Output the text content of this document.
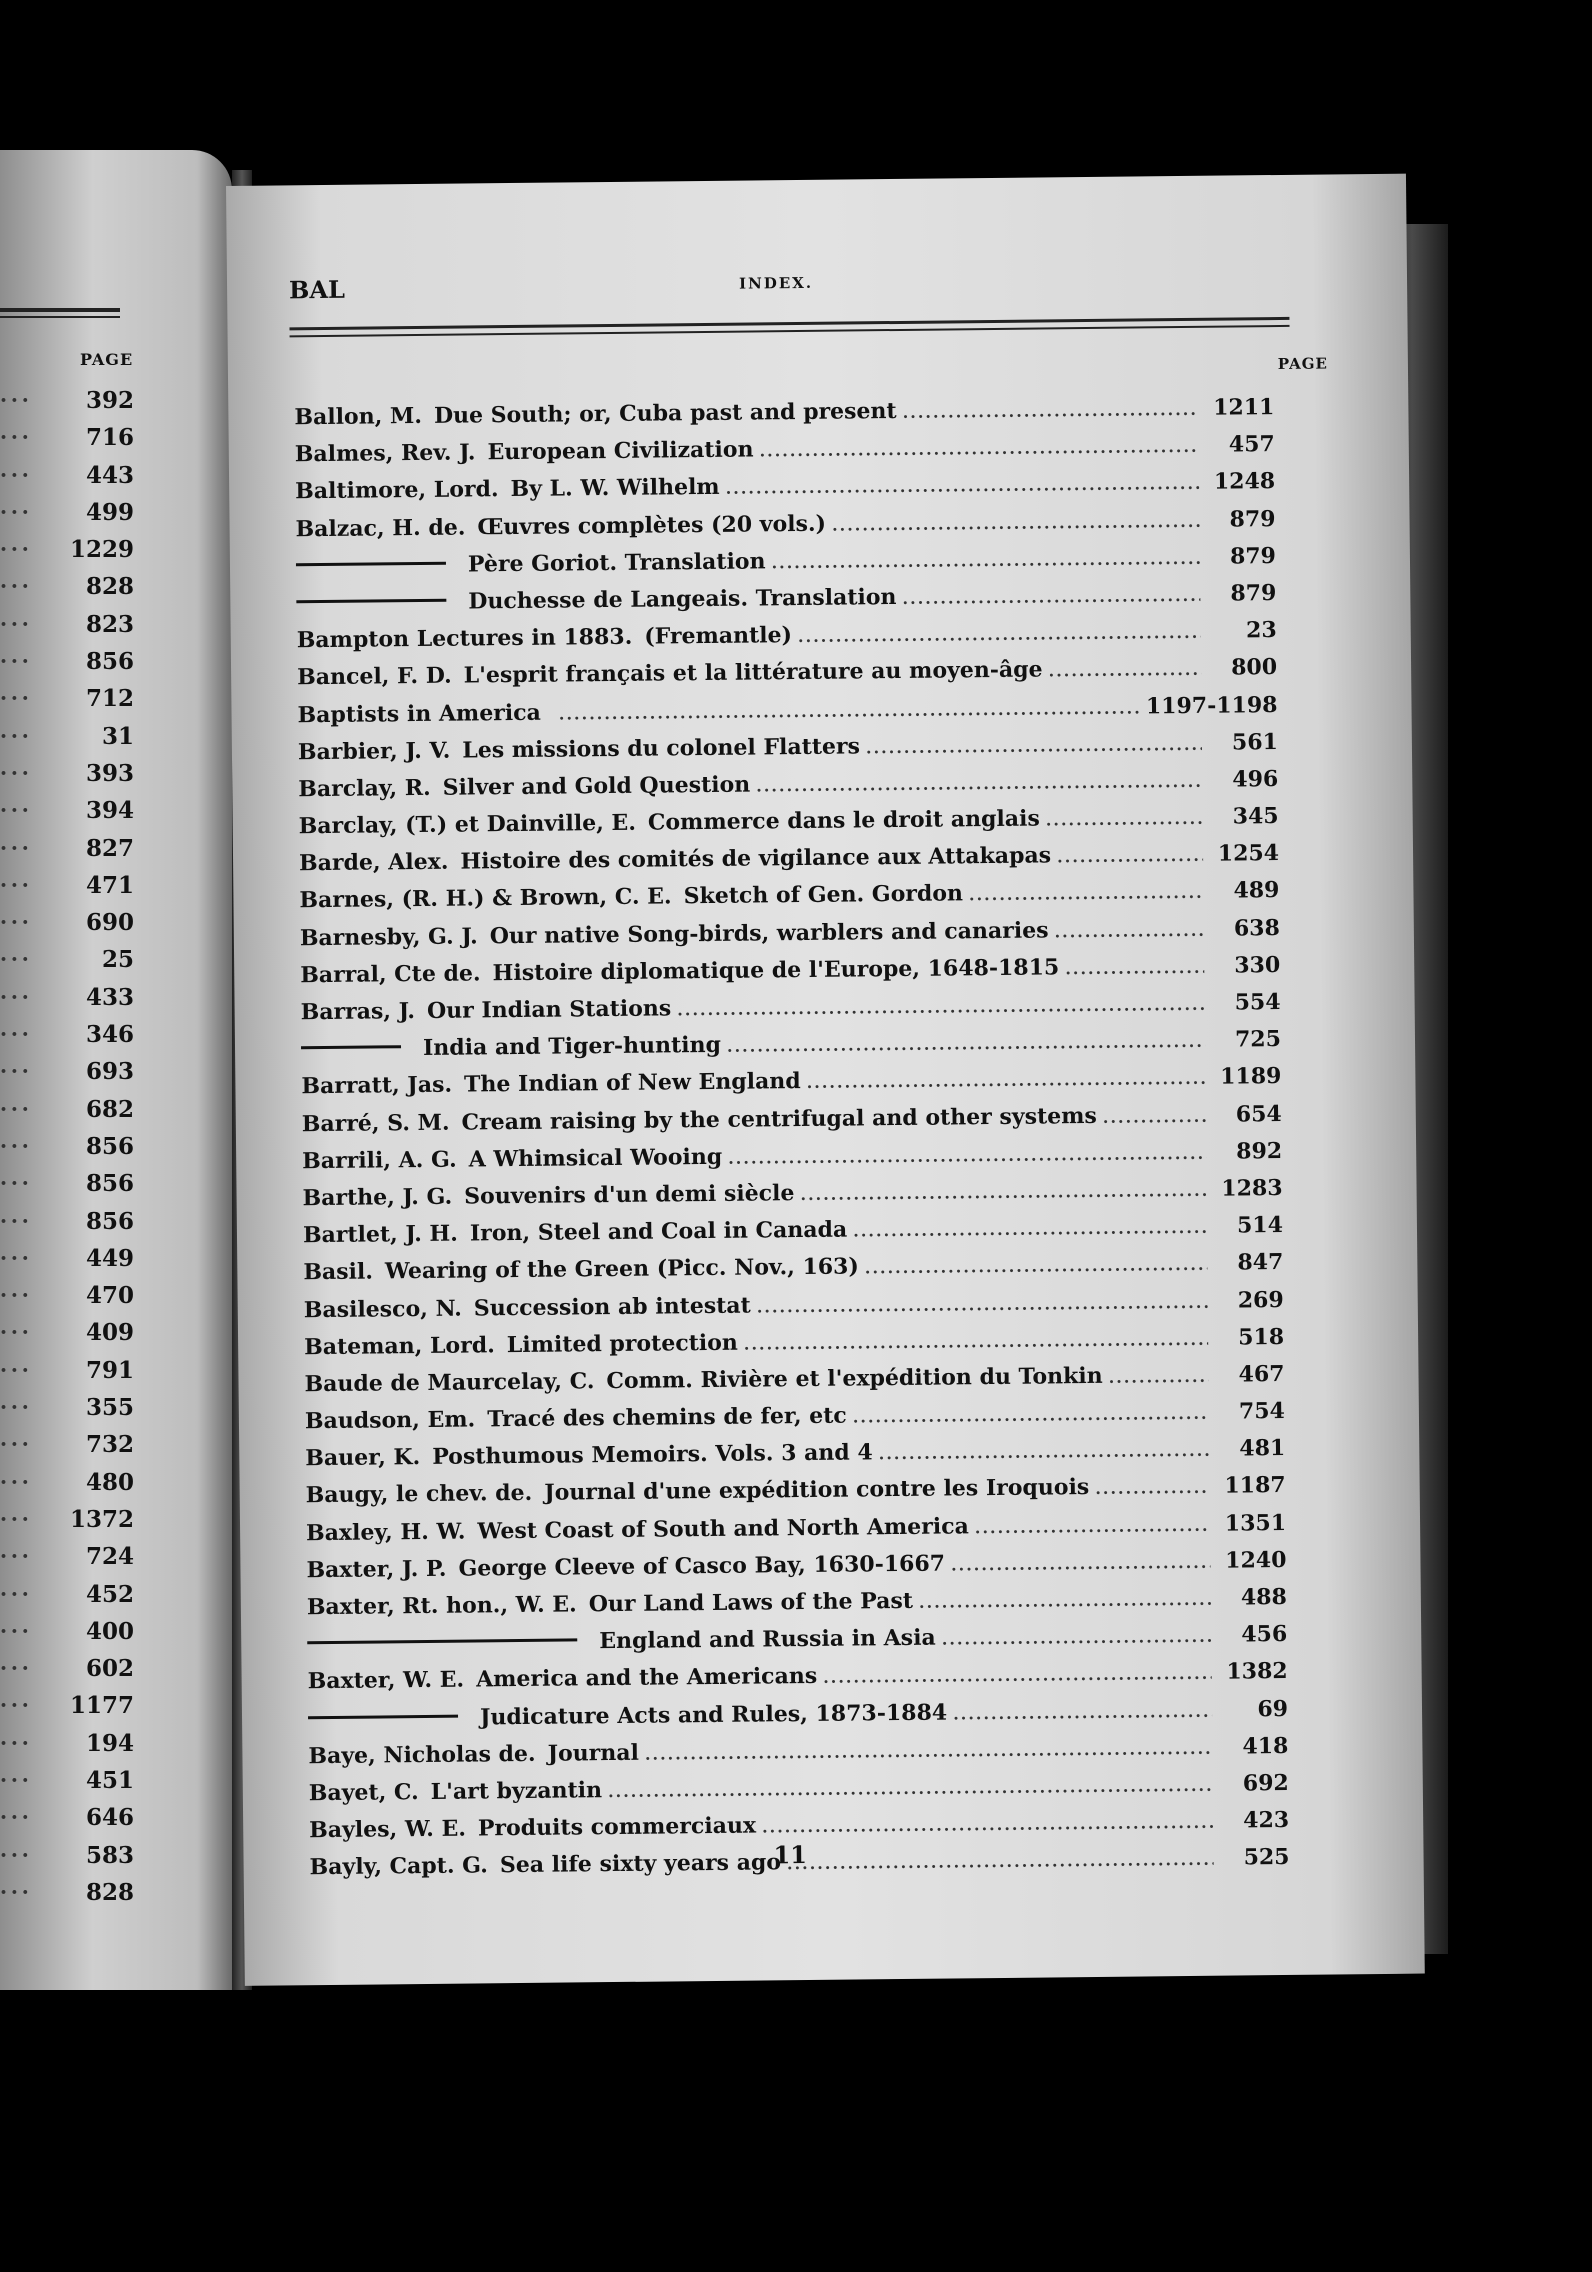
PAGE
• • • 392
• • • 716
• • • 443
• • • 499
• • • 1229
• • • 828
• • • 823
• • • 856
• • • 712
• • • 31
• • • 393
• • • 394
• • • 827
• • • 471
• • • 690
• • • 25
• • • 433
• • • 346
• • • 693
• • • 682
• • • 856
• • • 856
• • • 856
• • • 449
• • • 470
• • • 409
• • • 791
• • • 355
• • • 732
• • • 480
• • • 1372
• • • 724
• • • 452
• • • 400
• • • 602
• • • 1177
• • • 194
• • • 451
• • • 646
• • • 583
• • • 828
BAL	INDEX.
PAGE
Ballon, M. Due South; or, Cuba past and present .....	1211
Balmes, Rev. J. European Civilization .....	457
Baltimore, Lord. By L. W. Wilhelm .....	1248
Balzac, H. de. Œuvres complètes (20 vols.) .....	879
Père Goriot. Translation .....	879
Duchesse de Langeais. Translation .....	879
Bampton Lectures in 1883. (Fremantle) .....	23
Bancel, F. D. L'esprit français et la littérature au moyen-âge .....	800
Baptists in America .....	1197-1198
Barbier, J. V. Les missions du colonel Flatters .....	561
Barclay, R. Silver and Gold Question .....	496
Barclay, (T.) et Dainville, E. Commerce dans le droit anglais .....	345
Barde, Alex. Histoire des comités de vigilance aux Attakapas .....	1254
Barnes, (R. H.) & Brown, C. E. Sketch of Gen. Gordon .....	489
Barnesby, G. J. Our native Song-birds, warblers and canaries .....	638
Barral, Cte de. Histoire diplomatique de l'Europe, 1648-1815 .....	330
Barras, J. Our Indian Stations .....	554
India and Tiger-hunting .....	725
Barratt, Jas. The Indian of New England .....	1189
Barré, S. M. Cream raising by the centrifugal and other systems .....	654
Barrili, A. G. A Whimsical Wooing .....	892
Barthe, J. G. Souvenirs d'un demi siècle .....	1283
Bartlet, J. H. Iron, Steel and Coal in Canada .....	514
Basil. Wearing of the Green (Picc. Nov., 163) .....	847
Basilesco, N. Succession ab intestat .....	269
Bateman, Lord. Limited protection .....	518
Baude de Maurcelay, C. Comm. Rivière et l'expédition du Tonkin .....	467
Baudson, Em. Tracé des chemins de fer, etc .....	754
Bauer, K. Posthumous Memoirs. Vols. 3 and 4 .....	481
Baugy, le chev. de. Journal d'une expédition contre les Iroquois .....	1187
Baxley, H. W. West Coast of South and North America .....	1351
Baxter, J. P. George Cleeve of Casco Bay, 1630-1667 .....	1240
Baxter, Rt. hon., W. E. Our Land Laws of the Past .....	488
England and Russia in Asia .....	456
Baxter, W. E. America and the Americans .....	1382
Judicature Acts and Rules, 1873-1884 .....	69
Baye, Nicholas de. Journal .....	418
Bayet, C. L'art byzantin .....	692
Bayles, W. E. Produits commerciaux .....	423
Bayly, Capt. G. Sea life sixty years ago .....	525
11
